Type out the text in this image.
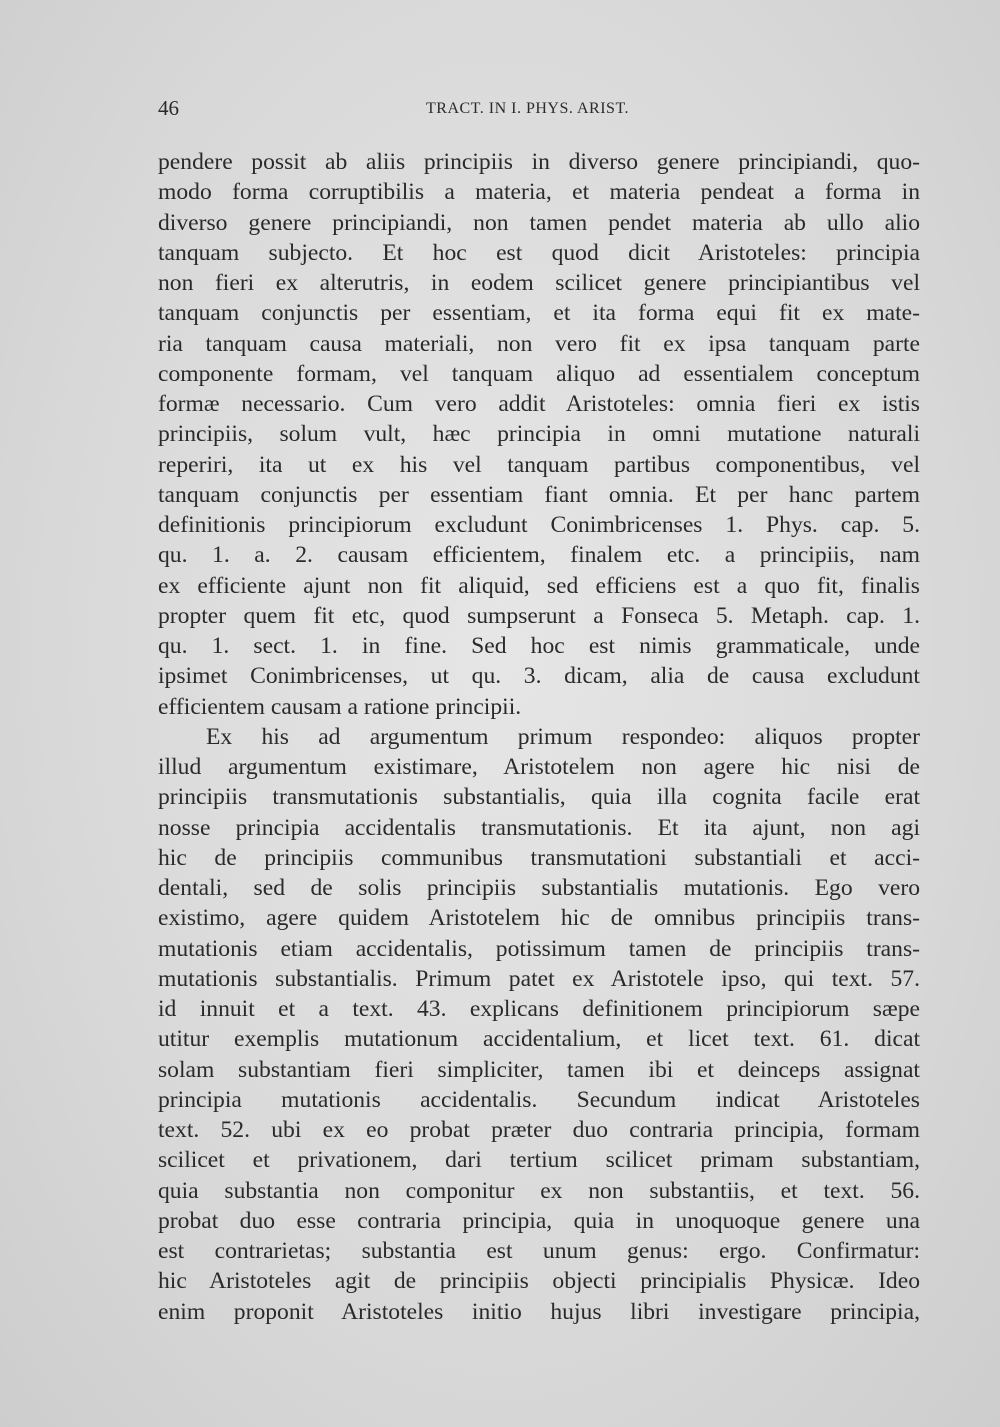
46	TRACT. IN I. PHYS. ARIST.
pendere possit ab aliis principiis in diverso genere principiandi, quo-
modo forma corruptibilis a materia, et materia pendeat a forma in
diverso genere principiandi, non tamen pendet materia ab ullo alio
tanquam subjecto. Et hoc est quod dicit Aristoteles: principia
non fieri ex alterutris, in eodem scilicet genere principiantibus vel
tanquam conjunctis per essentiam, et ita forma equi fit ex mate-
ria tanquam causa materiali, non vero fit ex ipsa tanquam parte
componente formam, vel tanquam aliquo ad essentialem conceptum
formæ necessario. Cum vero addit Aristoteles: omnia fieri ex istis
principiis, solum vult, hæc principia in omni mutatione naturali
reperiri, ita ut ex his vel tanquam partibus componentibus, vel
tanquam conjunctis per essentiam fiant omnia. Et per hanc partem
definitionis principiorum excludunt Conimbricenses 1. Phys. cap. 5.
qu. 1. a. 2. causam efficientem, finalem etc. a principiis, nam
ex efficiente ajunt non fit aliquid, sed efficiens est a quo fit, finalis
propter quem fit etc, quod sumpserunt a Fonseca 5. Metaph. cap. 1.
qu. 1. sect. 1. in fine. Sed hoc est nimis grammaticale, unde
ipsimet Conimbricenses, ut qu. 3. dicam, alia de causa excludunt
efficientem causam a ratione principii.
Ex his ad argumentum primum respondeo: aliquos propter
illud argumentum existimare, Aristotelem non agere hic nisi de
principiis transmutationis substantialis, quia illa cognita facile erat
nosse principia accidentalis transmutationis. Et ita ajunt, non agi
hic de principiis communibus transmutationi substantiali et acci-
dentali, sed de solis principiis substantialis mutationis. Ego vero
existimo, agere quidem Aristotelem hic de omnibus principiis trans-
mutationis etiam accidentalis, potissimum tamen de principiis trans-
mutationis substantialis. Primum patet ex Aristotele ipso, qui text. 57.
id innuit et a text. 43. explicans definitionem principiorum sæpe
utitur exemplis mutationum accidentalium, et licet text. 61. dicat
solam substantiam fieri simpliciter, tamen ibi et deinceps assignat
principia mutationis accidentalis. Secundum indicat Aristoteles
text. 52. ubi ex eo probat præter duo contraria principia, formam
scilicet et privationem, dari tertium scilicet primam substantiam,
quia substantia non componitur ex non substantiis, et text. 56.
probat duo esse contraria principia, quia in unoquoque genere una
est contrarietas; substantia est unum genus: ergo. Confirmatur:
hic Aristoteles agit de principiis objecti principialis Physicæ. Ideo
enim proponit Aristoteles initio hujus libri investigare principia,
